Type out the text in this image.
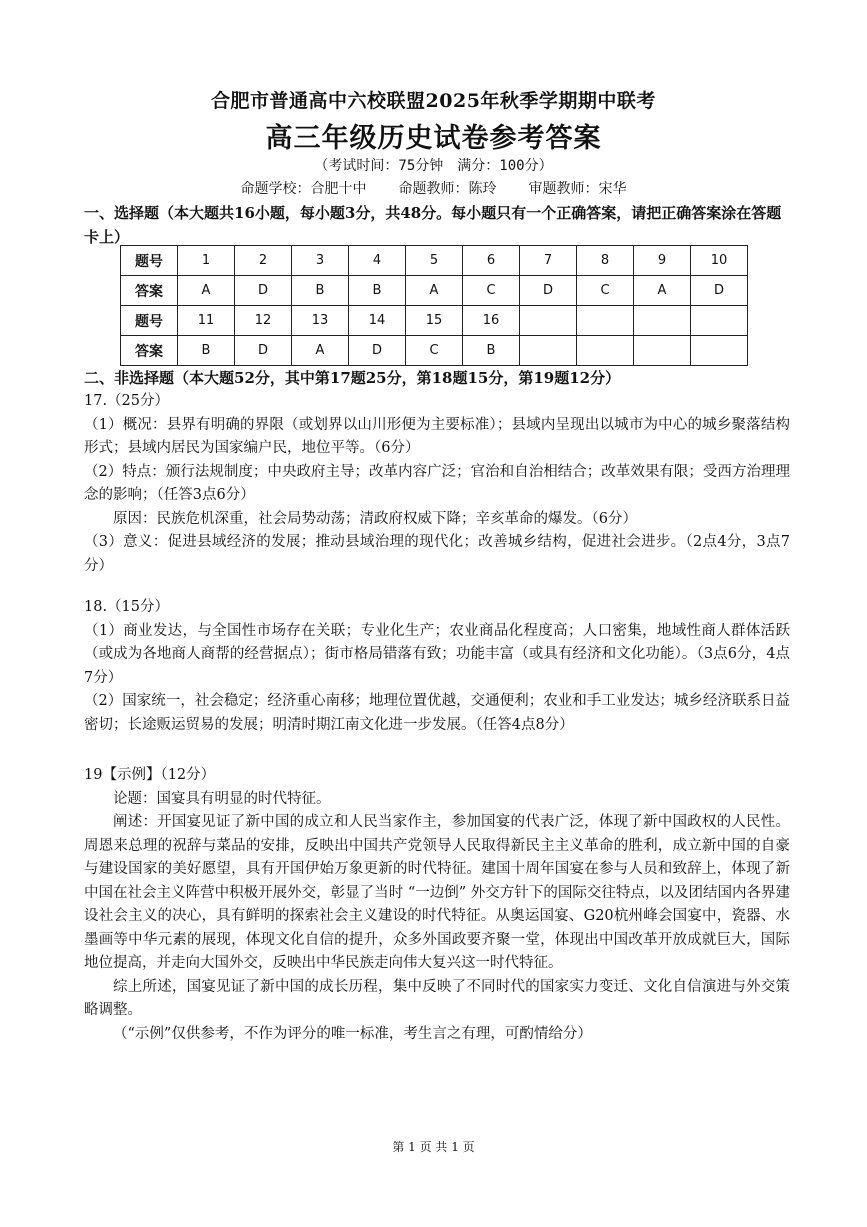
合肥市普通高中六校联盟2025年秋季学期期中联考
高三年级历史试卷参考答案
（考试时间：75分钟　满分：100分）
命题学校：合肥十中 命题教师：陈玲 审题教师：宋华
一、选择题（本大题共16小题，每小题3分，共48分。每小题只有一个正确答案，请把正确答案涂在答题卡上）
题号	1	2	3	4	5	6	7	8	9	10
答案	A	D	B	B	A	C	D	C	A	D
题号	11	12	13	14	15	16				
答案	B	D	A	D	C	B				
二、非选择题（本大题52分，其中第17题25分，第18题15分，第19题12分）

17.（25分）

（1）概况：县界有明确的界限（或划界以山川形便为主要标准）；县域内呈现出以城市为中心的城乡聚落结构形式；县域内居民为国家编户民，地位平等。（6分）

（2）特点：颁行法规制度；中央政府主导；改革内容广泛；官治和自治相结合；改革效果有限；受西方治理理念的影响；（任答3点6分）

原因：民族危机深重，社会局势动荡；清政府权威下降；辛亥革命的爆发。（6分）

（3）意义：促进县域经济的发展；推动县域治理的现代化；改善城乡结构，促进社会进步。（2点4分，3点7分）

18.（15分）

（1）商业发达，与全国性市场存在关联；专业化生产；农业商品化程度高；人口密集，地域性商人群体活跃（或成为各地商人商帮的经营据点）；街市格局错落有致；功能丰富（或具有经济和文化功能）。（3点6分，4点7分）

（2）国家统一，社会稳定；经济重心南移；地理位置优越，交通便利；农业和手工业发达；城乡经济联系日益密切；长途贩运贸易的发展；明清时期江南文化进一步发展。（任答4点8分）

19【示例】（12分）

论题：国宴具有明显的时代特征。

阐述：开国宴见证了新中国的成立和人民当家作主，参加国宴的代表广泛，体现了新中国政权的人民性。周恩来总理的祝辞与菜品的安排，反映出中国共产党领导人民取得新民主主义革命的胜利，成立新中国的自豪与建设国家的美好愿望，具有开国伊始万象更新的时代特征。建国十周年国宴在参与人员和致辞上，体现了新中国在社会主义阵营中积极开展外交，彰显了当时 “一边倒” 外交方针下的国际交往特点，以及团结国内各界建设社会主义的决心，具有鲜明的探索社会主义建设的时代特征。从奥运国宴、G20杭州峰会国宴中，瓷器、水墨画等中华元素的展现，体现文化自信的提升，众多外国政要齐聚一堂，体现出中国改革开放成就巨大，国际地位提高，并走向大国外交，反映出中华民族走向伟大复兴这一时代特征。

综上所述，国宴见证了新中国的成长历程，集中反映了不同时代的国家实力变迁、文化自信演进与外交策略调整。

（“示例”仅供参考，不作为评分的唯一标准，考生言之有理，可酌情给分）

第 1 页 共 1 页
